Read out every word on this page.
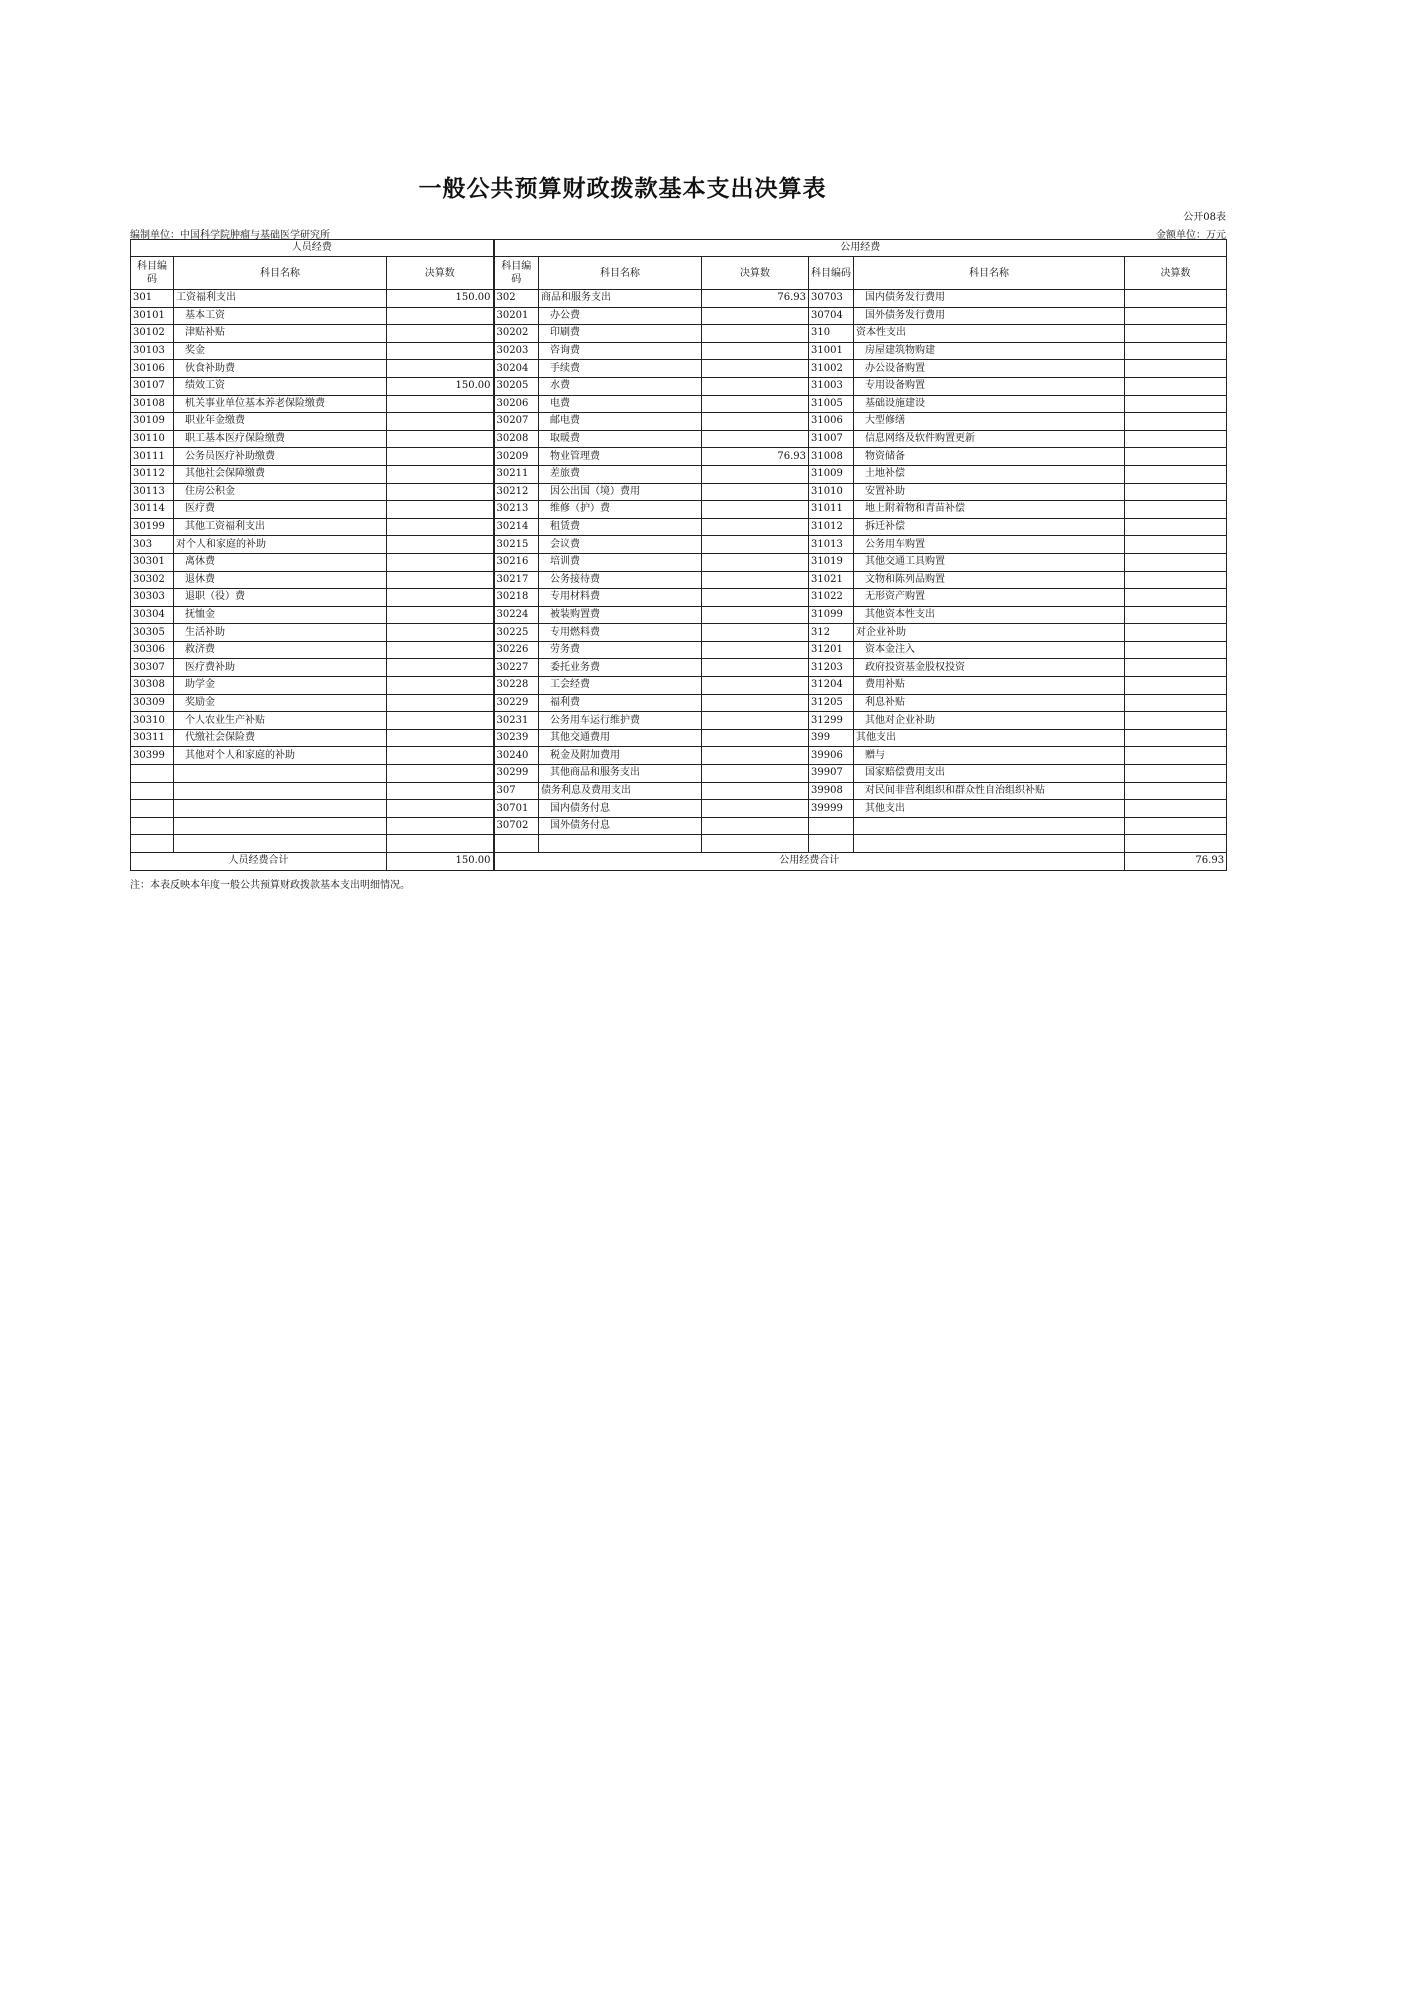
一般公共预算财政拨款基本支出决算表
公开08表
编制单位：中国科学院肿瘤与基础医学研究所	金额单位：万元
人员经费			公用经费					
科目编码	科目名称	决算数	科目编码	科目名称	决算数	科目编码	科目名称	决算数
301	工资福利支出	150.00	302	商品和服务支出	76.93	30703	国内债务发行费用	
30101	基本工资		30201	办公费		30704	国外债务发行费用	
30102	津贴补贴		30202	印刷费		310	资本性支出	
30103	奖金		30203	咨询费		31001	房屋建筑物购建	
30106	伙食补助费		30204	手续费		31002	办公设备购置	
30107	绩效工资	150.00	30205	水费		31003	专用设备购置	
30108	机关事业单位基本养老保险缴费		30206	电费		31005	基础设施建设	
30109	职业年金缴费		30207	邮电费		31006	大型修缮	
30110	职工基本医疗保险缴费		30208	取暖费		31007	信息网络及软件购置更新	
30111	公务员医疗补助缴费		30209	物业管理费	76.93	31008	物资储备	
30112	其他社会保障缴费		30211	差旅费		31009	土地补偿	
30113	住房公积金		30212	因公出国（境）费用		31010	安置补助	
30114	医疗费		30213	维修（护）费		31011	地上附着物和青苗补偿	
30199	其他工资福利支出		30214	租赁费		31012	拆迁补偿	
303	对个人和家庭的补助		30215	会议费		31013	公务用车购置	
30301	离休费		30216	培训费		31019	其他交通工具购置	
30302	退休费		30217	公务接待费		31021	文物和陈列品购置	
30303	退职（役）费		30218	专用材料费		31022	无形资产购置	
30304	抚恤金		30224	被装购置费		31099	其他资本性支出	
30305	生活补助		30225	专用燃料费		312	对企业补助	
30306	救济费		30226	劳务费		31201	资本金注入	
30307	医疗费补助		30227	委托业务费		31203	政府投资基金股权投资	
30308	助学金		30228	工会经费		31204	费用补贴	
30309	奖励金		30229	福利费		31205	利息补贴	
30310	个人农业生产补贴		30231	公务用车运行维护费		31299	其他对企业补助	
30311	代缴社会保险费		30239	其他交通费用		399	其他支出	
30399	其他对个人和家庭的补助		30240	税金及附加费用		39906	赠与	
			30299	其他商品和服务支出		39907	国家赔偿费用支出	
			307	债务利息及费用支出		39908	对民间非营利组织和群众性自治组织补贴	
			30701	国内债务付息		39999	其他支出	
			30702	国外债务付息				

人员经费合计		150.00	公用经费合计					76.93
注：本表反映本年度一般公共预算财政拨款基本支出明细情况。
